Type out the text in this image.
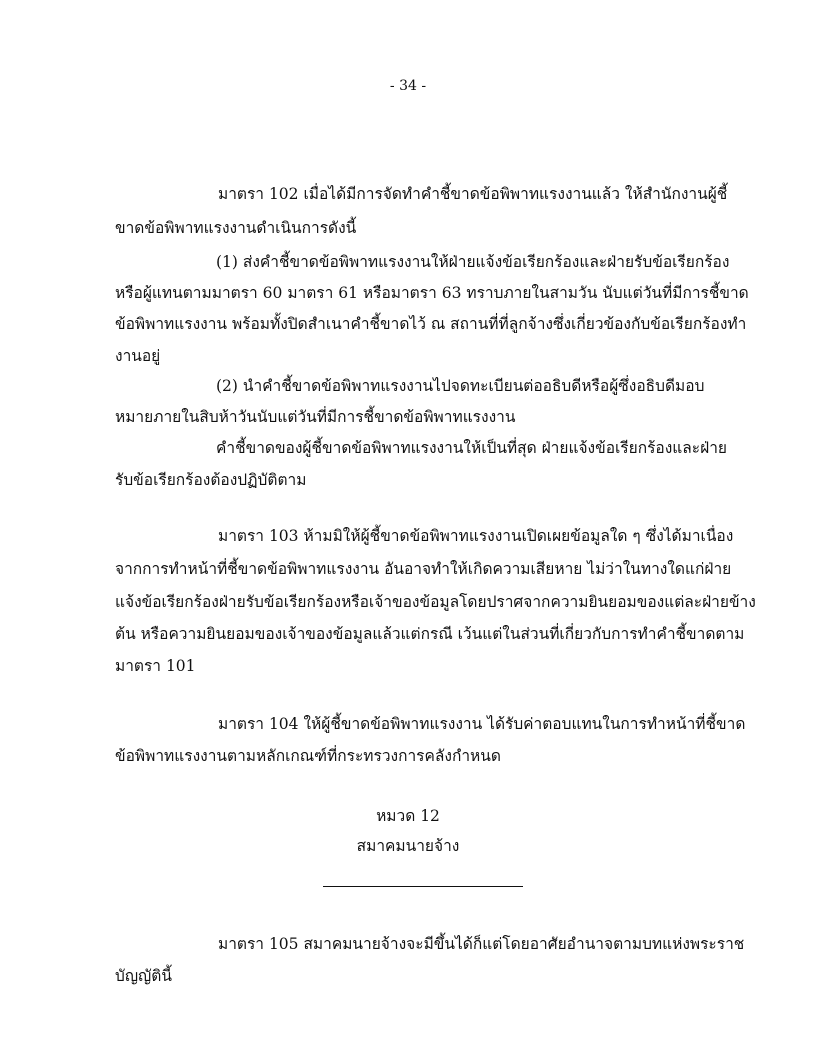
- 34 -
มาตรา 102 เมื่อได้มีการจัดทำคำชี้ขาดข้อพิพาทแรงงานแล้ว ให้สำนักงานผู้ชี้
ขาดข้อพิพาทแรงงานดำเนินการดังนี้
(1) ส่งคำชี้ขาดข้อพิพาทแรงงานให้ฝ่ายแจ้งข้อเรียกร้องและฝ่ายรับข้อเรียกร้อง
หรือผู้แทนตามมาตรา 60 มาตรา 61 หรือมาตรา 63 ทราบภายในสามวัน นับแต่วันที่มีการชี้ขาด
ข้อพิพาทแรงงาน พร้อมทั้งปิดสำเนาคำชี้ขาดไว้ ณ สถานที่ที่ลูกจ้างซึ่งเกี่ยวข้องกับข้อเรียกร้องทำ
งานอยู่
(2) นำคำชี้ขาดข้อพิพาทแรงงานไปจดทะเบียนต่ออธิบดีหรือผู้ซึ่งอธิบดีมอบ
หมายภายในสิบห้าวันนับแต่วันที่มีการชี้ขาดข้อพิพาทแรงงาน
คำชี้ขาดของผู้ชี้ขาดข้อพิพาทแรงงานให้เป็นที่สุด ฝ่ายแจ้งข้อเรียกร้องและฝ่าย
รับข้อเรียกร้องต้องปฏิบัติตาม
มาตรา 103 ห้ามมิให้ผู้ชี้ขาดข้อพิพาทแรงงานเปิดเผยข้อมูลใด ๆ ซึ่งได้มาเนื่อง
จากการทำหน้าที่ชี้ขาดข้อพิพาทแรงงาน อันอาจทำให้เกิดความเสียหาย ไม่ว่าในทางใดแก่ฝ่าย
แจ้งข้อเรียกร้องฝ่ายรับข้อเรียกร้องหรือเจ้าของข้อมูลโดยปราศจากความยินยอมของแต่ละฝ่ายข้าง
ต้น หรือความยินยอมของเจ้าของข้อมูลแล้วแต่กรณี เว้นแต่ในส่วนที่เกี่ยวกับการทำคำชี้ขาดตาม
มาตรา 101
มาตรา 104 ให้ผู้ชี้ขาดข้อพิพาทแรงงาน ได้รับค่าตอบแทนในการทำหน้าที่ชี้ขาด
ข้อพิพาทแรงงานตามหลักเกณฑ์ที่กระทรวงการคลังกำหนด
หมวด 12
สมาคมนายจ้าง
มาตรา 105 สมาคมนายจ้างจะมีขึ้นได้ก็แต่โดยอาศัยอำนาจตามบทแห่งพระราช
บัญญัตินี้
